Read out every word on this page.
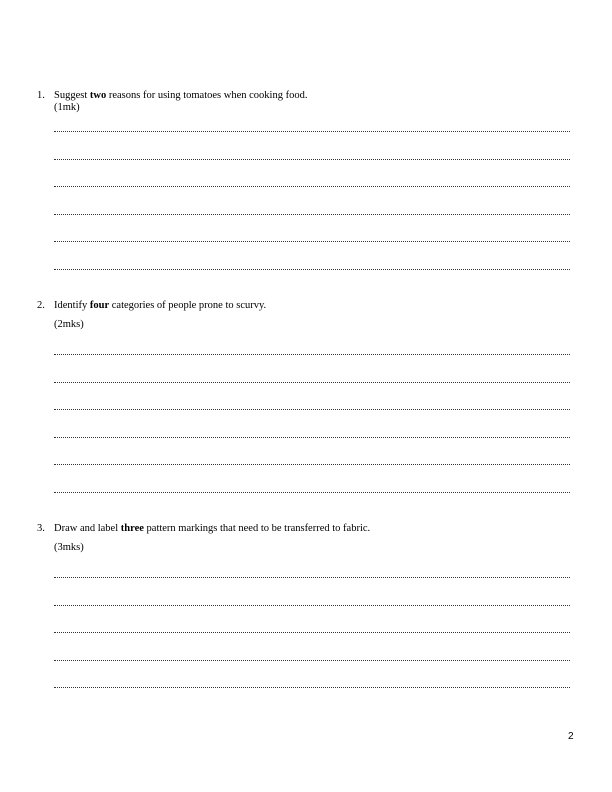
1. Suggest two reasons for using tomatoes when cooking food.
(1mk)
2. Identify four categories of people prone to scurvy.
(2mks)
3. Draw and label three pattern markings that need to be transferred to fabric.
(3mks)
2
